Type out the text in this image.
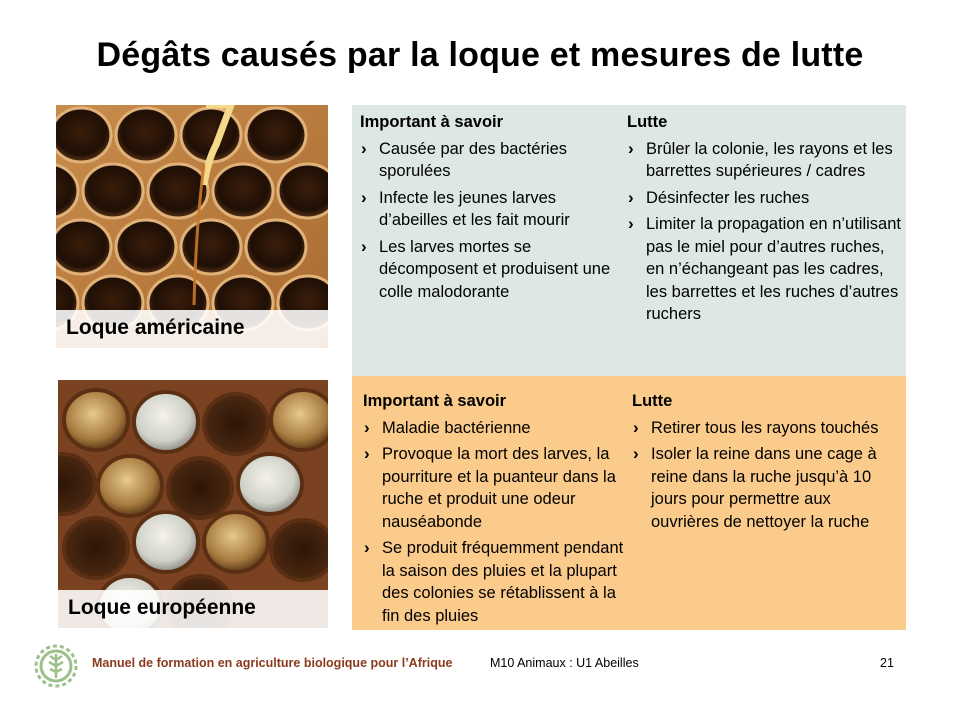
Dégâts causés par la loque et mesures de lutte
Loque américaine
Loque européenne
Important à savoir
› Causée par des bactéries sporulées
› Infecte les jeunes larves d’abeilles et les fait mourir
› Les larves mortes se décomposent et produisent une colle malodorante
Lutte
› Brûler la colonie, les rayons et les barrettes supérieures / cadres
› Désinfecter les ruches
› Limiter la propagation en n’utilisant pas le miel pour d’autres ruches, en n’échangeant pas les cadres, les barrettes et les ruches d’autres ruchers
Important à savoir
› Maladie bactérienne
› Provoque la mort des larves, la pourriture et la puanteur dans la ruche et produit une odeur nauséabonde
› Se produit fréquemment pendant la saison des pluies et la plupart des colonies se rétablissent à la fin des pluies
Lutte
› Retirer tous les rayons touchés
› Isoler la reine dans une cage à reine dans la ruche jusqu’à 10 jours pour permettre aux ouvrières de nettoyer la ruche
Manuel de formation en agriculture biologique pour l’Afrique	M10 Animaux : U1 Abeilles	21
